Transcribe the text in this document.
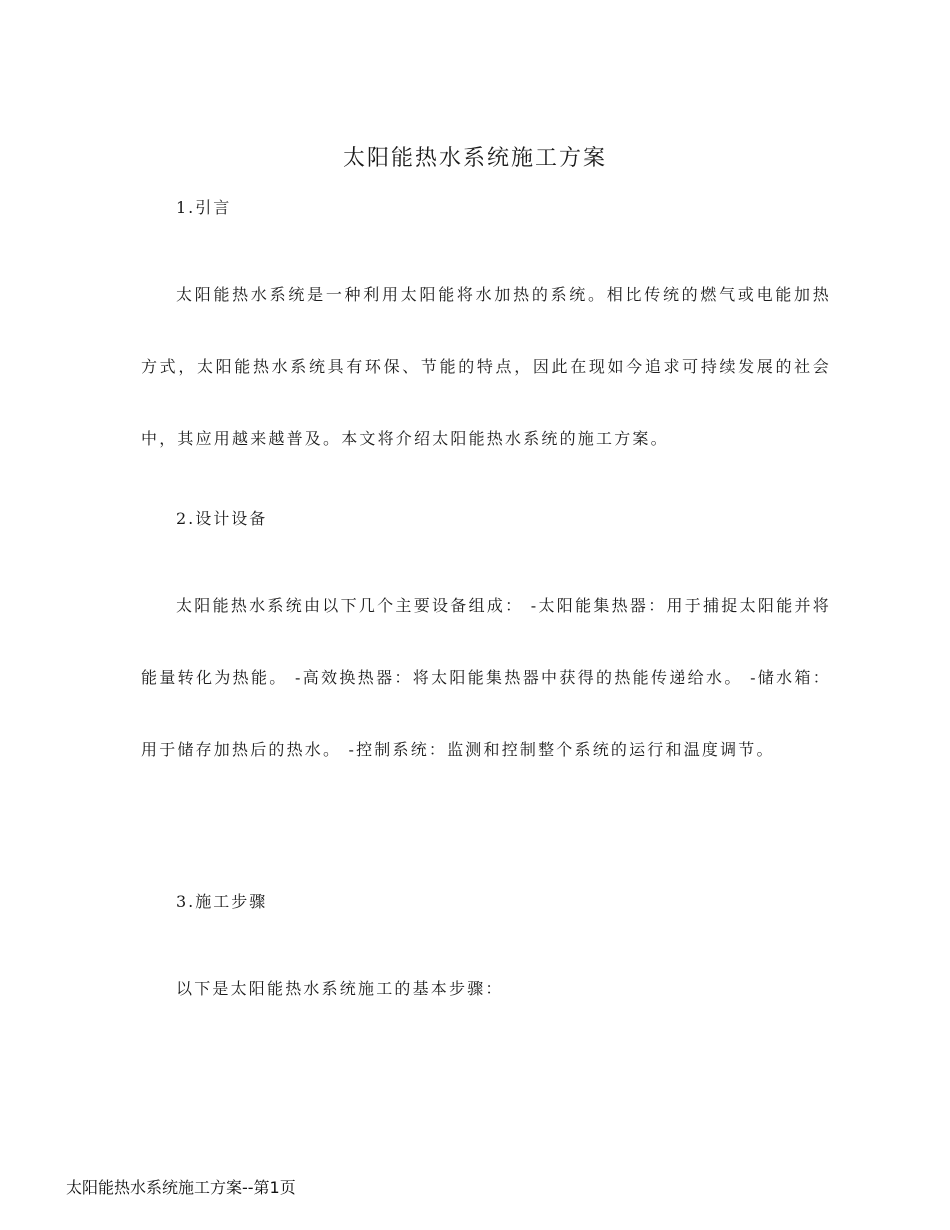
太阳能热水系统施工方案
1.引言

太阳能热水系统是一种利用太阳能将水加热的系统。相比传统的燃气或电能加热方式，太阳能热水系统具有环保、节能的特点，因此在现如今追求可持续发展的社会中，其应用越来越普及。本文将介绍太阳能热水系统的施工方案。

2.设计设备

太阳能热水系统由以下几个主要设备组成： -太阳能集热器：用于捕捉太阳能并将能量转化为热能。 -高效换热器：将太阳能集热器中获得的热能传递给水。 -储水箱：用于储存加热后的热水。 -控制系统：监测和控制整个系统的运行和温度调节。

3.施工步骤

以下是太阳能热水系统施工的基本步骤：

太阳能热水系统施工方案--第1页
